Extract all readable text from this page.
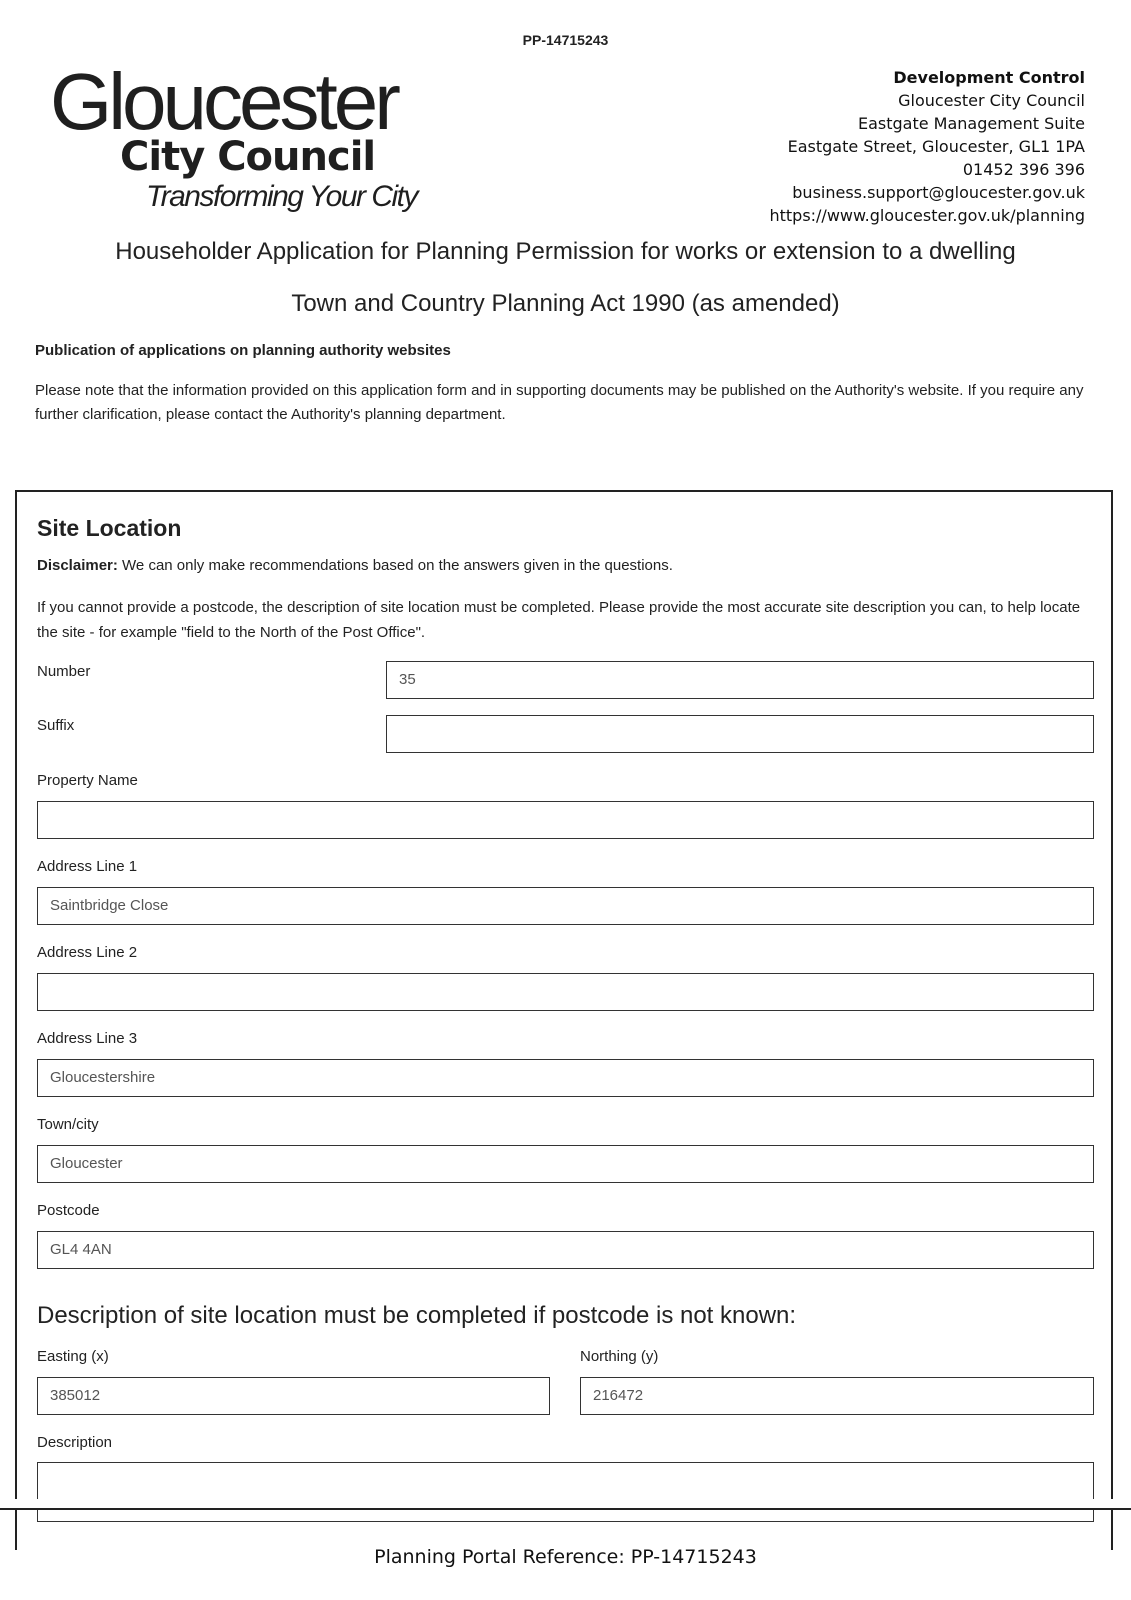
PP-14715243
Gloucester
City Council
Transforming Your City
Development Control
Gloucester City Council
Eastgate Management Suite
Eastgate Street, Gloucester, GL1 1PA
01452 396 396
business.support@gloucester.gov.uk
https://www.gloucester.gov.uk/planning
Householder Application for Planning Permission for works or extension to a dwelling
Town and Country Planning Act 1990 (as amended)
Publication of applications on planning authority websites
Please note that the information provided on this application form and in supporting documents may be published on the Authority's website. If you require any further clarification, please contact the Authority's planning department.
Site Location
Disclaimer: We can only make recommendations based on the answers given in the questions.
If you cannot provide a postcode, the description of site location must be completed. Please provide the most accurate site description you can, to help locate the site - for example "field to the North of the Post Office".
Number	35
Suffix
Property Name
Address Line 1
Saintbridge Close
Address Line 2
Address Line 3
Gloucestershire
Town/city
Gloucester
Postcode
GL4 4AN
Description of site location must be completed if postcode is not known:
Easting (x)
385012
Northing (y)
216472
Description
Planning Portal Reference: PP-14715243
